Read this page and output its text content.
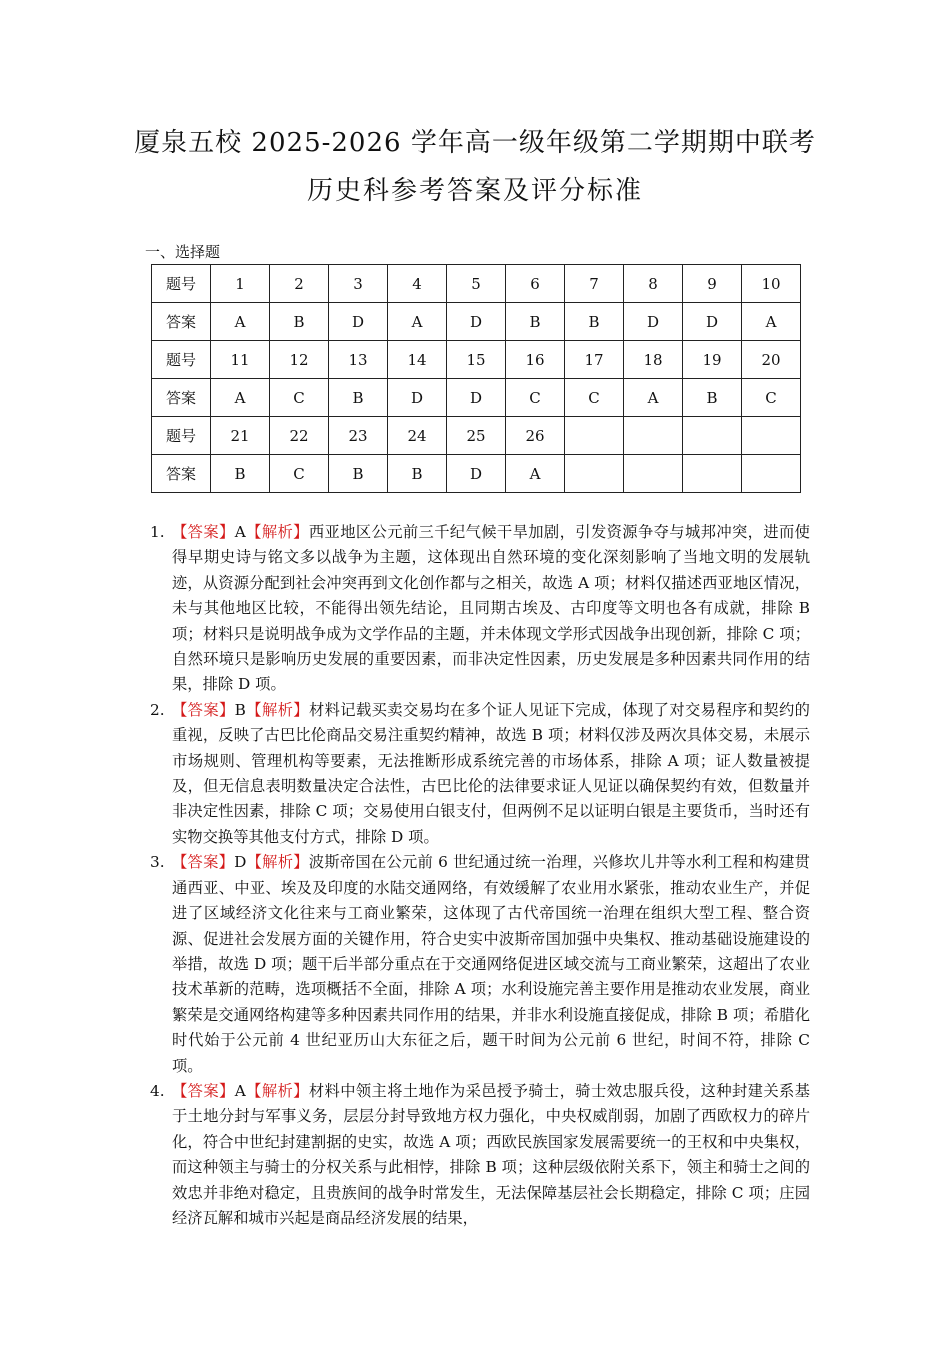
厦泉五校 2025-2026 学年高一级年级第二学期期中联考
历史科参考答案及评分标准
一、选择题
题号	1	2	3	4	5	6	7	8	9	10
答案	A	B	D	A	D	B	B	D	D	A
题号	11	12	13	14	15	16	17	18	19	20
答案	A	C	B	D	D	C	C	A	B	C
题号	21	22	23	24	25	26				
答案	B	C	B	B	D	A				
1. 【答案】A【解析】西亚地区公元前三千纪气候干旱加剧，引发资源争夺与城邦冲突，进而使得早期史诗与铭文多以战争为主题，这体现出自然环境的变化深刻影响了当地文明的发展轨迹，从资源分配到社会冲突再到文化创作都与之相关，故选 A 项；材料仅描述西亚地区情况，未与其他地区比较，不能得出领先结论，且同期古埃及、古印度等文明也各有成就，排除 B 项；材料只是说明战争成为文学作品的主题，并未体现文学形式因战争出现创新，排除 C 项；自然环境只是影响历史发展的重要因素，而非决定性因素，历史发展是多种因素共同作用的结果，排除 D 项。
2. 【答案】B【解析】材料记载买卖交易均在多个证人见证下完成，体现了对交易程序和契约的重视，反映了古巴比伦商品交易注重契约精神，故选 B 项；材料仅涉及两次具体交易，未展示市场规则、管理机构等要素，无法推断形成系统完善的市场体系，排除 A 项；证人数量被提及，但无信息表明数量决定合法性，古巴比伦的法律要求证人见证以确保契约有效，但数量并非决定性因素，排除 C 项；交易使用白银支付，但两例不足以证明白银是主要货币，当时还有实物交换等其他支付方式，排除 D 项。
3. 【答案】D【解析】波斯帝国在公元前 6 世纪通过统一治理，兴修坎儿井等水利工程和构建贯通西亚、中亚、埃及及印度的水陆交通网络，有效缓解了农业用水紧张，推动农业生产，并促进了区域经济文化往来与工商业繁荣，这体现了古代帝国统一治理在组织大型工程、整合资源、促进社会发展方面的关键作用，符合史实中波斯帝国加强中央集权、推动基础设施建设的举措，故选 D 项；题干后半部分重点在于交通网络促进区域交流与工商业繁荣，这超出了农业技术革新的范畴，选项概括不全面，排除 A 项；水利设施完善主要作用是推动农业发展，商业繁荣是交通网络构建等多种因素共同作用的结果，并非水利设施直接促成，排除 B 项；希腊化时代始于公元前 4 世纪亚历山大东征之后，题干时间为公元前 6 世纪，时间不符，排除 C 项。
4. 【答案】A【解析】材料中领主将土地作为采邑授予骑士，骑士效忠服兵役，这种封建关系基于土地分封与军事义务，层层分封导致地方权力强化，中央权威削弱，加剧了西欧权力的碎片化，符合中世纪封建割据的史实，故选 A 项；西欧民族国家发展需要统一的王权和中央集权，而这种领主与骑士的分权关系与此相悖，排除 B 项；这种层级依附关系下，领主和骑士之间的效忠并非绝对稳定，且贵族间的战争时常发生，无法保障基层社会长期稳定，排除 C 项；庄园经济瓦解和城市兴起是商品经济发展的结果，
